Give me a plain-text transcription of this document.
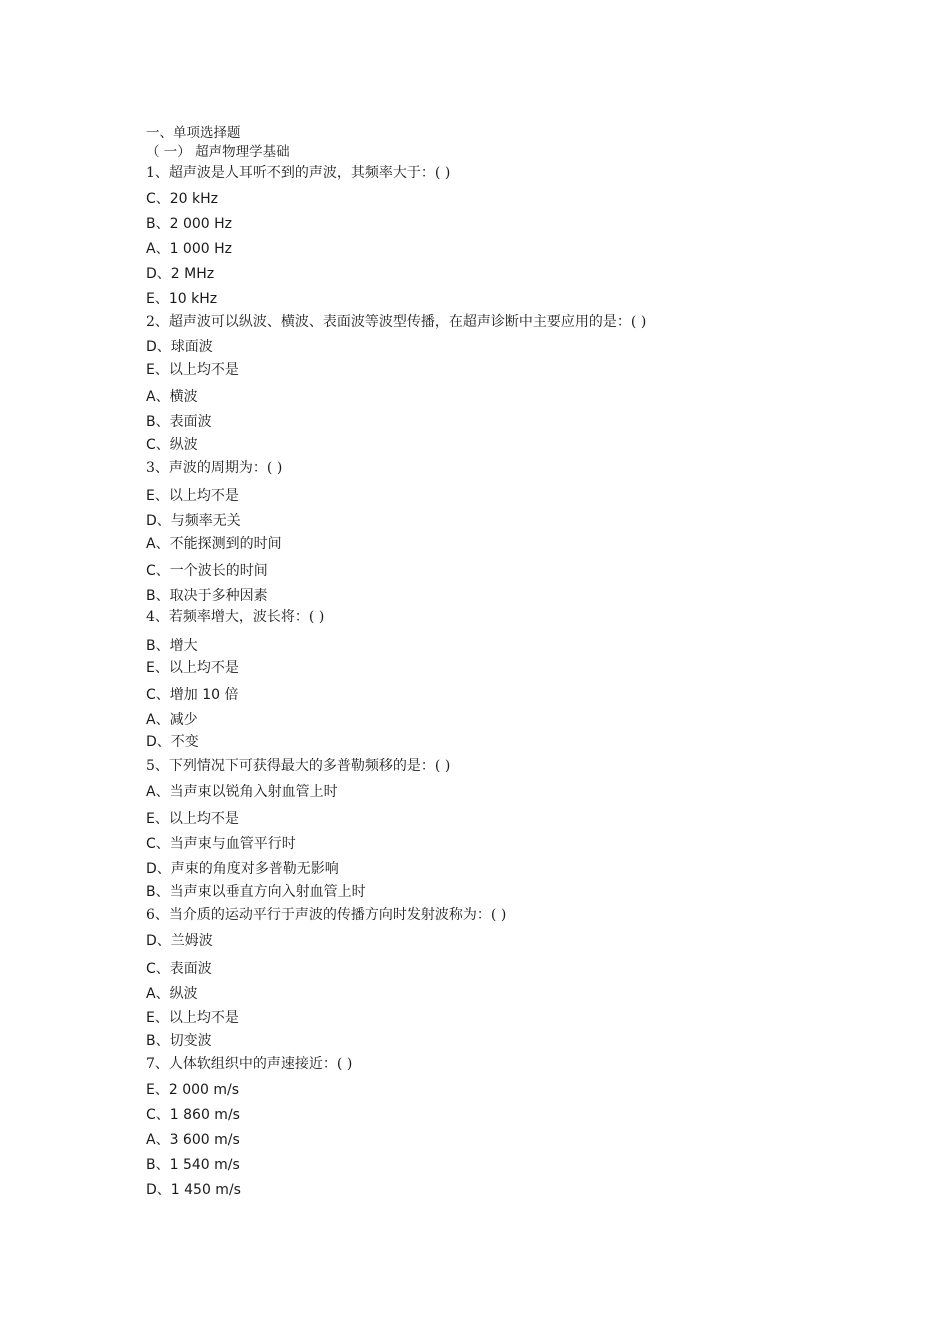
一、单项选择题
（ 一） 超声物理学基础
1、超声波是人耳听不到的声波，其频率大于：( )
C、20 kHz
B、2 000 Hz
A、1 000 Hz
D、2 MHz
E、10 kHz
2、超声波可以纵波、横波、表面波等波型传播，在超声诊断中主要应用的是：( )
D、球面波
E、以上均不是
A、横波
B、表面波
C、纵波
3、声波的周期为：( )
E、以上均不是
D、与频率无关
A、不能探测到的时间
C、一个波长的时间
B、取决于多种因素
4、若频率增大，波长将：( )
B、增大
E、以上均不是
C、增加 10 倍
A、减少
D、不变
5、下列情况下可获得最大的多普勒频移的是：( )
A、当声束以锐角入射血管上时
E、以上均不是
C、当声束与血管平行时
D、声束的角度对多普勒无影响
B、当声束以垂直方向入射血管上时
6、当介质的运动平行于声波的传播方向时发射波称为：( )
D、兰姆波
C、表面波
A、纵波
E、以上均不是
B、切变波
7、人体软组织中的声速接近：( )
E、2 000 m/s
C、1 860 m/s
A、3 600 m/s
B、1 540 m/s
D、1 450 m/s
